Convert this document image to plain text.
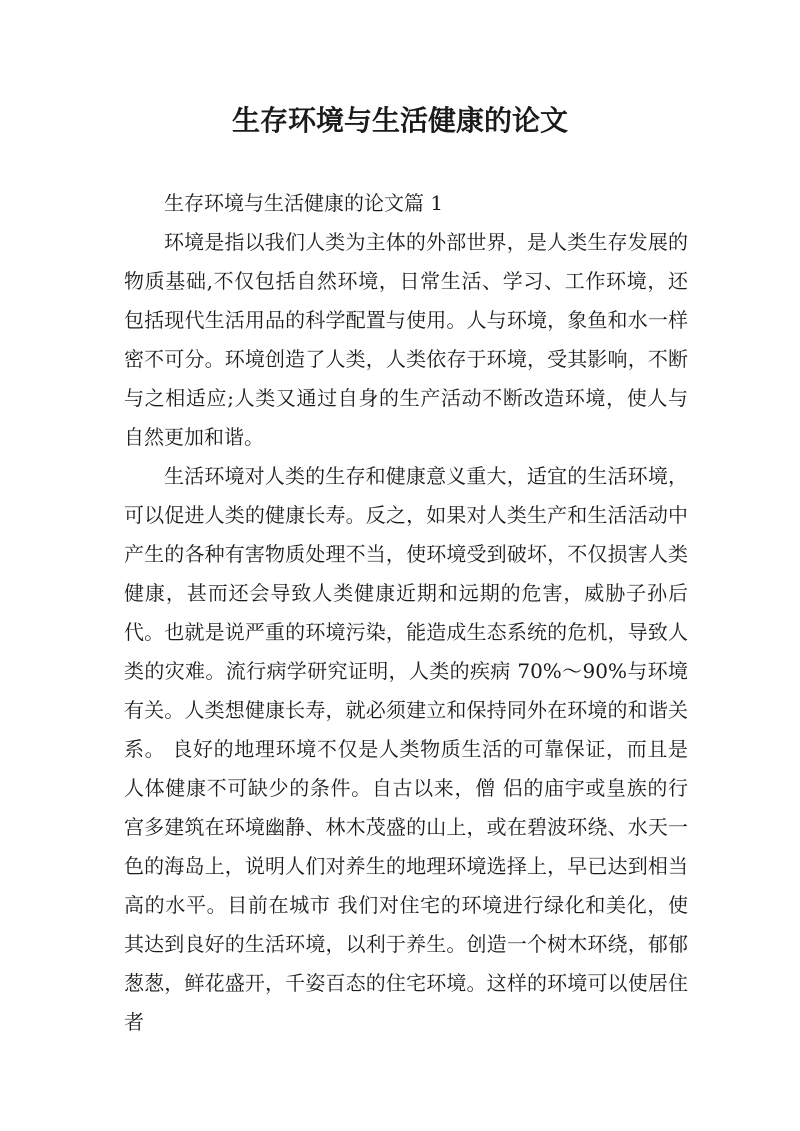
生存环境与生活健康的论文

生存环境与生活健康的论文篇 1

环境是指以我们人类为主体的外部世界，是人类生存发展的物质基础,不仅包括自然环境，日常生活、学习、工作环境，还包括现代生活用品的科学配置与使用。人与环境，象鱼和水一样密不可分。环境创造了人类，人类依存于环境，受其影响，不断与之相适应;人类又通过自身的生产活动不断改造环境，使人与自然更加和谐。

生活环境对人类的生存和健康意义重大，适宜的生活环境，可以促进人类的健康长寿。反之，如果对人类生产和生活活动中产生的各种有害物质处理不当，使环境受到破坏，不仅损害人类健康，甚而还会导致人类健康近期和远期的危害，威胁子孙后代。也就是说严重的环境污染，能造成生态系统的危机，导致人类的灾难。流行病学研究证明，人类的疾病 70%～90%与环境有关。人类想健康长寿，就必须建立和保持同外在环境的和谐关系。 良好的地理环境不仅是人类物质生活的可靠保证，而且是人体健康不可缺少的条件。自古以来，僧 侣的庙宇或皇族的行宫多建筑在环境幽静、林木茂盛的山上，或在碧波环绕、水天一色的海岛上，说明人们对养生的地理环境选择上，早已达到相当高的水平。目前在城市 我们对住宅的环境进行绿化和美化，使其达到良好的生活环境，以利于养生。创造一个树木环绕，郁郁葱葱，鲜花盛开，千姿百态的住宅环境。这样的环境可以使居住者
